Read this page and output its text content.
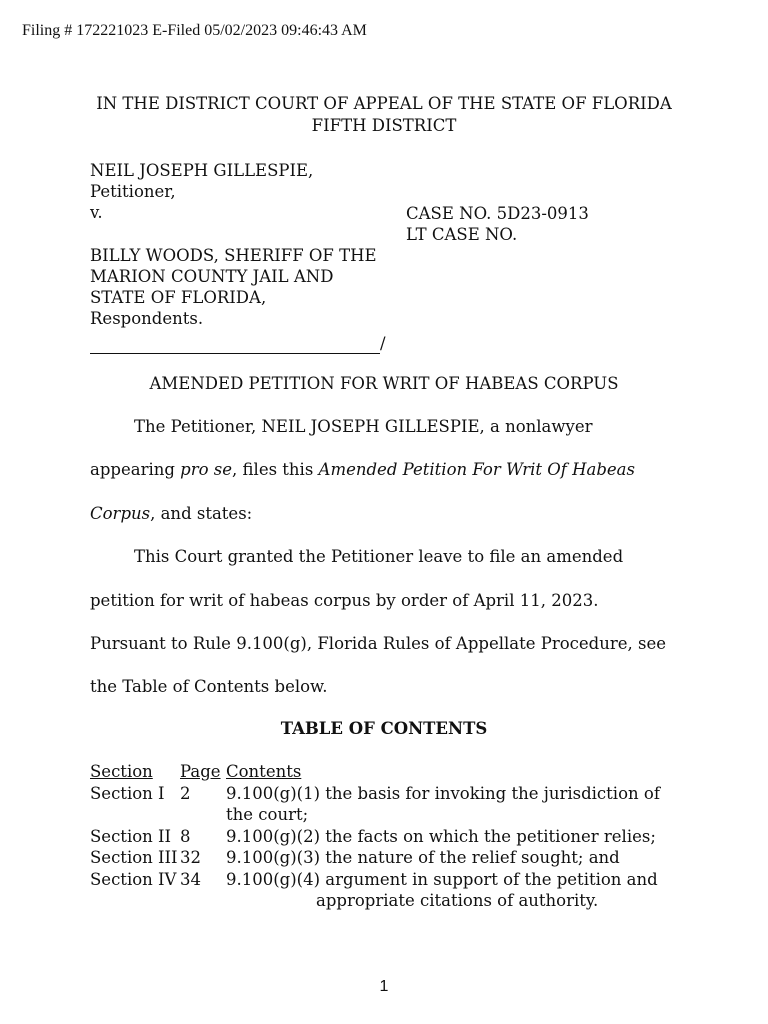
Filing # 172221023 E-Filed 05/02/2023 09:46:43 AM
IN THE DISTRICT COURT OF APPEAL OF THE STATE OF FLORIDA
FIFTH DISTRICT
NEIL JOSEPH GILLESPIE,
Petitioner,
v.	CASE NO. 5D23-0913
LT CASE NO.
BILLY WOODS, SHERIFF OF THE
MARION COUNTY JAIL AND
STATE OF FLORIDA,
Respondents.
/
AMENDED PETITION FOR WRIT OF HABEAS CORPUS
The Petitioner, NEIL JOSEPH GILLESPIE, a nonlawyer
appearing pro se, files this Amended Petition For Writ Of Habeas
Corpus, and states:
This Court granted the Petitioner leave to file an amended
petition for writ of habeas corpus by order of April 11, 2023.
Pursuant to Rule 9.100(g), Florida Rules of Appellate Procedure, see
the Table of Contents below.
TABLE OF CONTENTS
Section	Page	Contents
Section I	2	9.100(g)(1) the basis for invoking the jurisdiction of
the court;

Section II	8	9.100(g)(2) the facts on which the petitioner relies;
Section III	32	9.100(g)(3) the nature of the relief sought; and
Section IV	34	9.100(g)(4) argument in support of the petition and
appropriate citations of authority.
1
